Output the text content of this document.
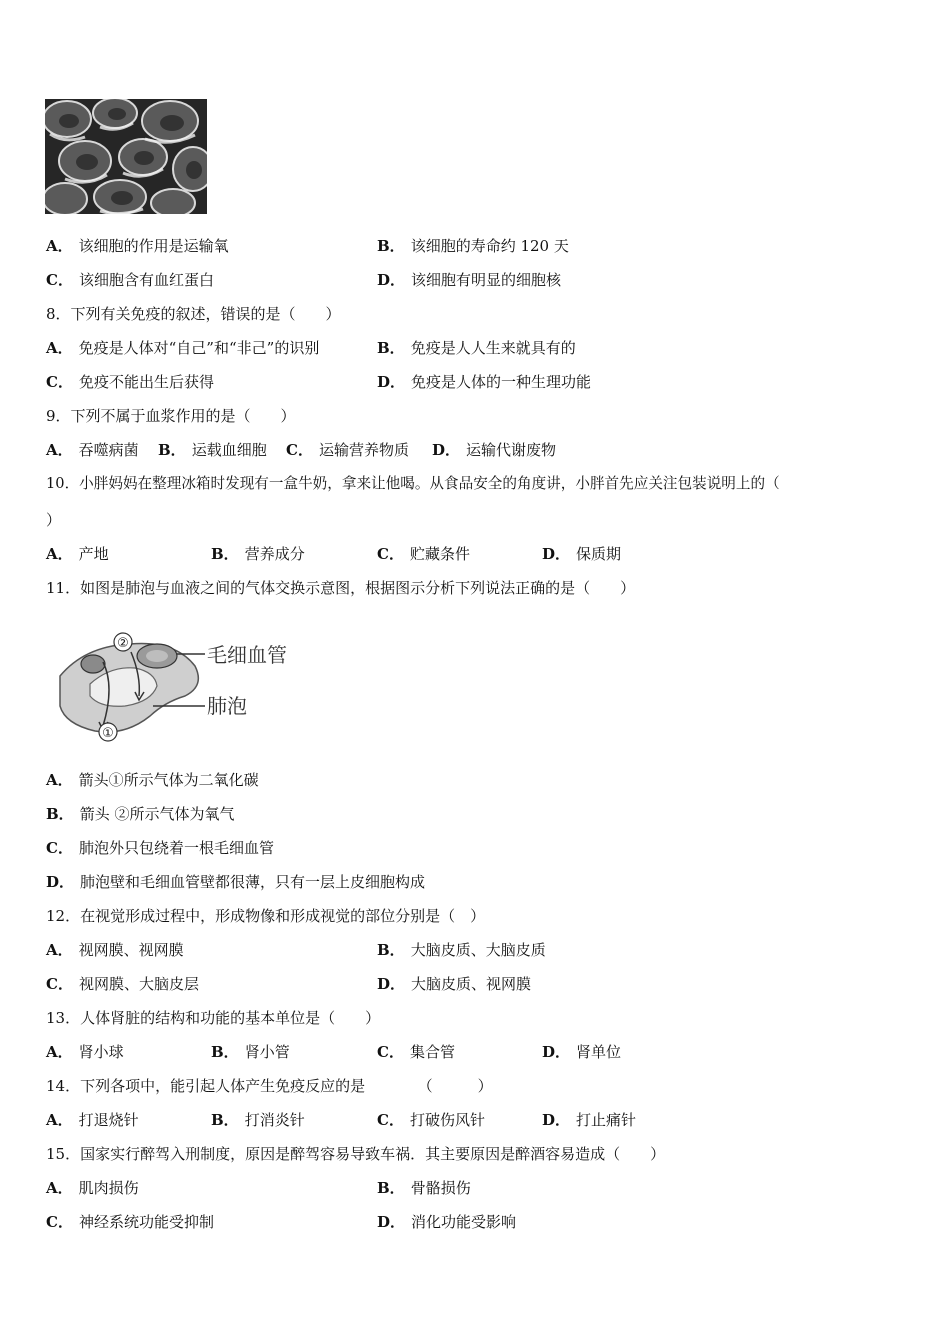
A． 该细胞的作用是运输氧	B． 该细胞的寿命约 120 天
C． 该细胞含有血红蛋白	D． 该细胞有明显的细胞核
8．下列有关免疫的叙述，错误的是（　　）
A． 免疫是人体对“自己”和“非己”的识别	B． 免疫是人人生来就具有的
C． 免疫不能出生后获得	D． 免疫是人体的一种生理功能
9．下列不属于血浆作用的是（　　）
A． 吞噬病菌 B． 运载血细胞 C． 运输营养物质 D． 运输代谢废物
10．小胖妈妈在整理冰箱时发现有一盒牛奶，拿来让他喝。从食品安全的角度讲，小胖首先应关注包装说明上的（
）
A． 产地	B． 营养成分	C． 贮藏条件	D． 保质期
11．如图是肺泡与血液之间的气体交换示意图，根据图示分析下列说法正确的是（　　）
②
①
毛细血管
肺泡
A． 箭头①所示气体为二氧化碳
B． 箭头 ②所示气体为氧气
C． 肺泡外只包绕着一根毛细血管
D． 肺泡壁和毛细血管壁都很薄，只有一层上皮细胞构成
12．在视觉形成过程中，形成物像和形成视觉的部位分别是（　）
A． 视网膜、视网膜	B． 大脑皮质、大脑皮质
C． 视网膜、大脑皮层	D． 大脑皮质、视网膜
13．人体肾脏的结构和功能的基本单位是（　　）
A． 肾小球	B． 肾小管	C． 集合管	D． 肾单位
14．下列各项中，能引起人体产生免疫反应的是　　　　（　　　）
A． 打退烧针	B． 打消炎针	C． 打破伤风针	D． 打止痛针
15．国家实行醉驾入刑制度，原因是醉驾容易导致车祸．其主要原因是醉酒容易造成（　　）
A． 肌肉损伤	B． 骨骼损伤
C． 神经系统功能受抑制	D． 消化功能受影响
